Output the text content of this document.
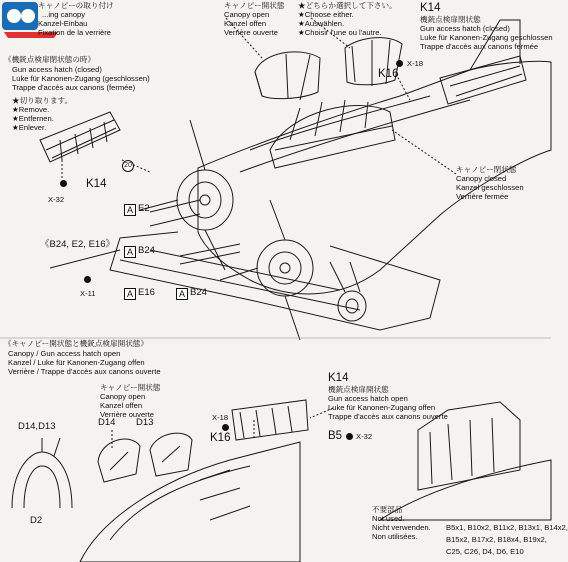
キャノピーの取り付け
...ing canopy
Kanzel-Einbau
Fixation de la verrière
キャノピー開状態
Canopy open
Kanzel offen
Verrière ouverte
★どちらか選択して下さい。
★Choose either.
★Auswählen.
★Choisir l'une ou l'autre.
K14
機銃点検扉閉状態
Gun access hatch (closed)
Luke für Kanonen-Zugang geschlossen
Trappe d'accès aux canons fermée
《機銃点検扉閉状態の時》
Gun access hatch (closed)
Luke für Kanonen-Zugang (geschlossen)
Trappe d'accès aux canons (fermée)
★切り取ります。
★Remove.
★Entfernen.
★Enlever.
20
K14
X-32
X-18
K16
A E2
A B24
A E16	A B24
《B24, E2, E16》
X-11
キャノピー閉状態
Canopy closed
Kanzel geschlossen
Verrière fermée
《キャノピー開状態と機銃点検扉開状態》
Canopy / Gun access hatch open
Kanzel / Luke für Kanonen-Zugang offen
Verrière / Trappe d'accès aux canons ouverte
キャノピー開状態
Canopy open
Kanzel offen
Verrière ouverte
K14
機銃点検扉開状態
Gun access hatch open
Luke für Kanonen-Zugang offen
Trappe d'accès aux canons ouverte
D14 D13
D14,D13
D2
X-18
K16	B5 X-32
不要部品
Not used.
Nicht verwenden.
Non utilisées.
B5x1, B10x2, B11x2, B13x1, B14x2,
B15x2, B17x2, B18x4, B19x2,
C25, C26, D4, D6, E10
